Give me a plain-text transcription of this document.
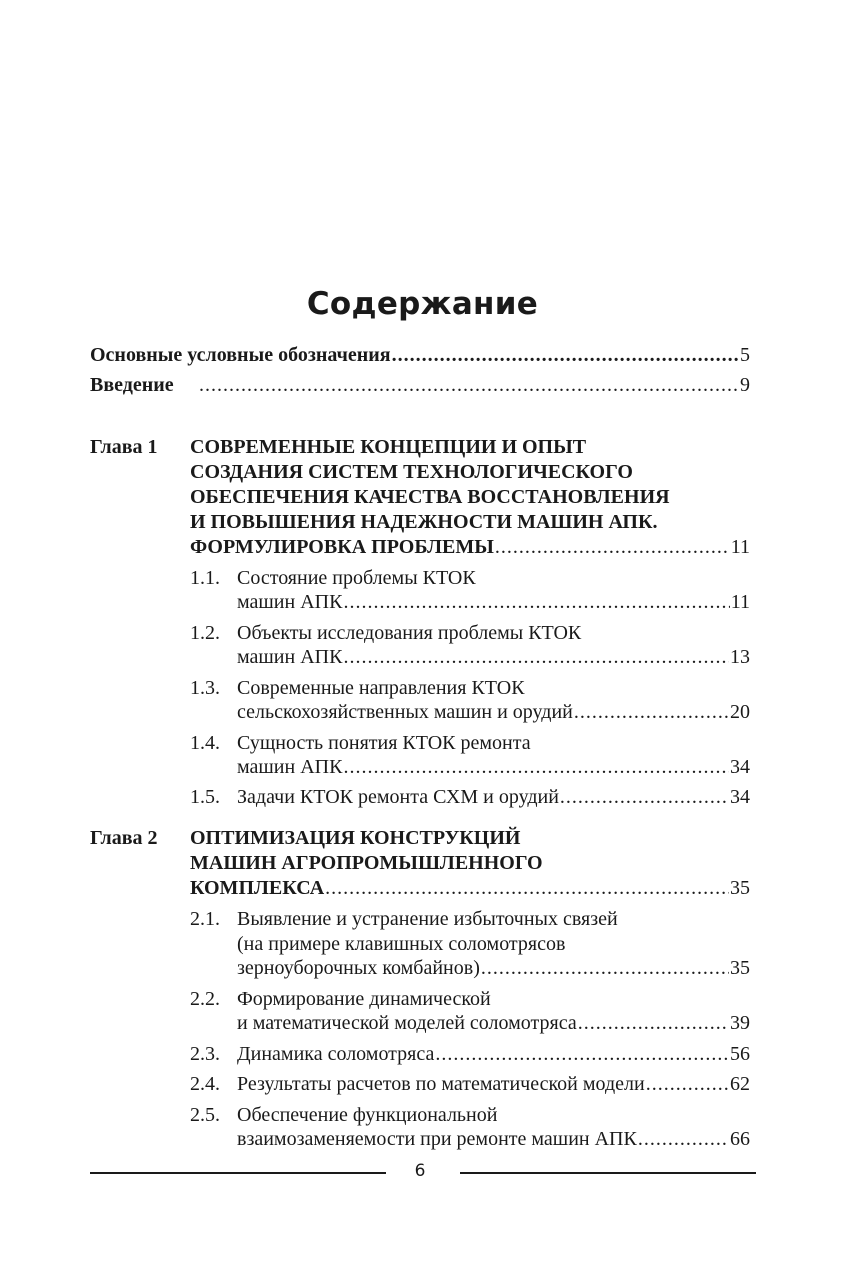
Содержание
Основные условные обозначения .....	5
Введение .....	9
Глава 1 СОВРЕМЕННЫЕ КОНЦЕПЦИИ И ОПЫТ
СОЗДАНИЯ СИСТЕМ ТЕХНОЛОГИЧЕСКОГО
ОБЕСПЕЧЕНИЯ КАЧЕСТВА ВОССТАНОВЛЕНИЯ
И ПОВЫШЕНИЯ НАДЕЖНОСТИ МАШИН АПК.
ФОРМУЛИРОВКА ПРОБЛЕМЫ .....	11
1.1. Состояние проблемы КТОК
машин АПК .....	11
1.2. Объекты исследования проблемы КТОК
машин АПК .....	13
1.3. Современные направления КТОК
сельскохозяйственных машин и орудий .....	20
1.4. Сущность понятия КТОК ремонта
машин АПК .....	34
1.5. Задачи КТОК ремонта СХМ и орудий .....	34
Глава 2 ОПТИМИЗАЦИЯ КОНСТРУКЦИЙ
МАШИН АГРОПРОМЫШЛЕННОГО
КОМПЛЕКСА .....	35
2.1. Выявление и устранение избыточных связей
(на примере клавишных соломотрясов
зерноуборочных комбайнов) .....	35
2.2. Формирование динамической
и математической моделей соломотряса .....	39
2.3. Динамика соломотряса .....	56
2.4. Результаты расчетов по математической модели .....	62
2.5. Обеспечение функциональной
взаимозаменяемости при ремонте машин АПК .....	66
6
